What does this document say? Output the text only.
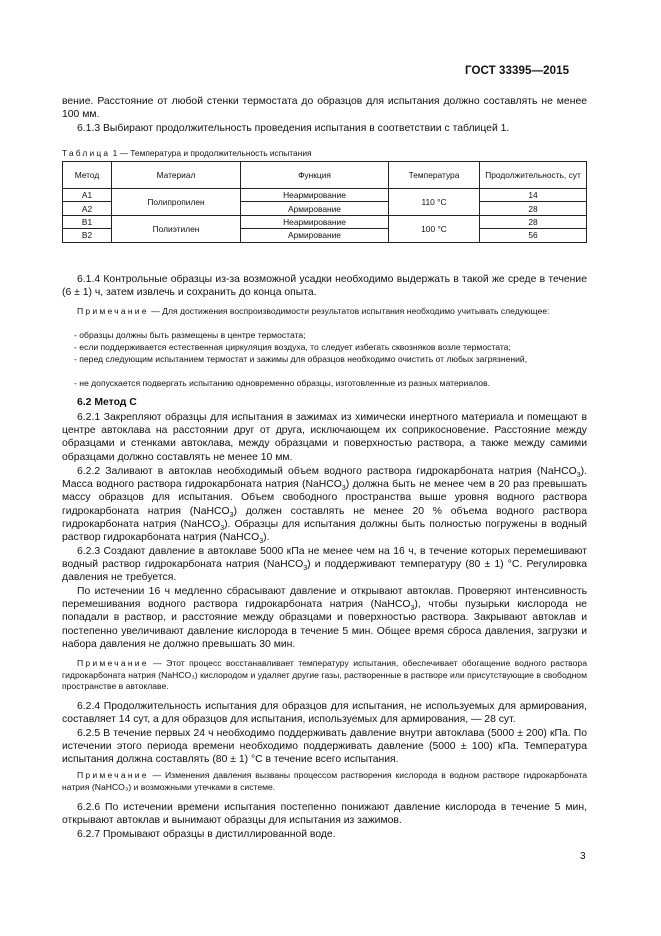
ГОСТ 33395—2015
вение. Расстояние от любой стенки термостата до образцов для испытания должно составлять не менее 100 мм.
6.1.3 Выбирают продолжительность проведения испытания в соответствии с таблицей 1.
Таблица 1 — Температура и продолжительность испытания
Метод	Материал	Функция	Температура	Продолжительность, сут
А1	Полипропилен	Неармирование	110 °C	14
А2		Армирование		28
В1	Полиэтилен	Неармирование	100 °C	28
В2		Армирование		56
6.1.4 Контрольные образцы из-за возможной усадки необходимо выдержать в такой же среде в течение (6 ± 1) ч, затем извлечь и сохранить до конца опыта.
Примечание — Для достижения воспроизводимости результатов испытания необходимо учитывать следующее:
- образцы должны быть размещены в центре термостата;
- если поддерживается естественная циркуляция воздуха, то следует избегать сквозняков возле термостата;
- перед следующим испытанием термостат и зажимы для образцов необходимо очистить от любых загрязнений,
- не допускается подвергать испытанию одновременно образцы, изготовленные из разных материалов.
6.2 Метод С
6.2.1 Закрепляют образцы для испытания в зажимах из химически инертного материала и помещают в центре автоклава на расстоянии друг от друга, исключающем их соприкосновение. Расстояние между образцами и стенками автоклава, между образцами и поверхностью раствора, а также между самими образцами должно составлять не менее 10 мм.
6.2.2 Заливают в автоклав необходимый объем водного раствора гидрокарбоната натрия (NaHCO$_3$). Масса водного раствора гидрокарбоната натрия (NaHCO$_3$) должна быть не менее чем в 20 раз превышать массу образцов для испытания. Объем свободного пространства выше уровня водного раствора гидрокарбоната натрия (NaHCO$_3$) должен составлять не менее 20 % объема водного раствора гидрокарбоната натрия (NaHCO$_3$). Образцы для испытания должны быть полностью погружены в водный раствор гидрокарбоната натрия (NaHCO$_3$).
6.2.3 Создают давление в автоклаве 5000 кПа не менее чем на 16 ч, в течение которых перемешивают водный раствор гидрокарбоната натрия (NaHCO$_3$) и поддерживают температуру (80 ± 1) °С. Регулировка давления не требуется.
По истечении 16 ч медленно сбрасывают давление и открывают автоклав. Проверяют интенсивность перемешивания водного раствора гидрокарбоната натрия (NaHCO$_3$), чтобы пузырьки кислорода не попадали в раствор, и расстояние между образцами и поверхностью раствора. Закрывают автоклав и постепенно увеличивают давление кислорода в течение 5 мин. Общее время сброса давления, загрузки и набора давления не должно превышать 30 мин.
Примечание — Этот процесс восстанавливает температуру испытания, обеспечивает обогащение водного раствора гидрокарбоната натрия (NaHCO₃) кислородом и удаляет другие газы, растворенные в растворе или присутствующие в свободном пространстве в автоклаве.
6.2.4 Продолжительность испытания для образцов для испытания, не используемых для армирования, составляет 14 сут, а для образцов для испытания, используемых для армирования, — 28 сут.
6.2.5 В течение первых 24 ч необходимо поддерживать давление внутри автоклава (5000 ± 200) кПа. По истечении этого периода времени необходимо поддерживать давление (5000 ± 100) кПа. Температура испытания должна составлять (80 ± 1) °С в течение всего испытания.
Примечание — Изменения давления вызваны процессом растворения кислорода в водном растворе гидрокарбоната натрия (NaHCO₃) и возможными утечками в системе.
6.2.6 По истечении времени испытания постепенно понижают давление кислорода в течение 5 мин, открывают автоклав и вынимают образцы для испытания из зажимов.
6.2.7 Промывают образцы в дистиллированной воде.
3
